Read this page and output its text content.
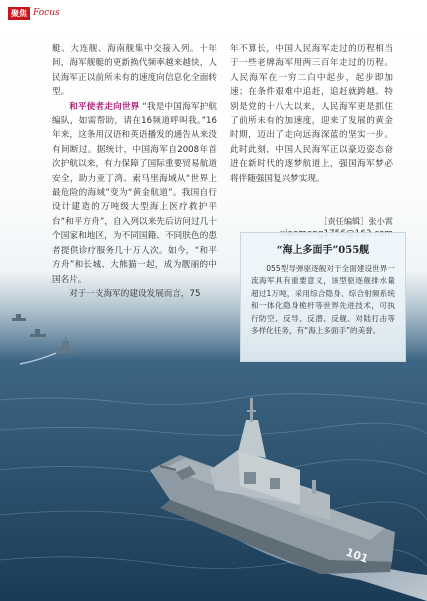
101
聚焦 Focus

艇、大连舰、海南舰集中交接入列。十年间，海军舰艇的更新换代频率越来越快，人民海军正以前所未有的速度向信息化全面转型。

和平使者走向世界 “我是中国海军护航编队，如需帮助，请在16频道呼叫我。”16年来，这条用汉语和英语播发的通告从来没有间断过。据统计，中国海军自2008年首次护航以来，有力保障了国际重要贸易航道安全，助力亚丁湾、索马里海域从“世界上最危险的海域”变为“黄金航道”。我国自行设计建造的万吨级大型海上医疗救护平台“和平方舟”，自入列以来先后访问过几十个国家和地区，为不同国籍、不同肤色的患者提供诊疗服务几十万人次。如今，“和平方舟”和长城、大熊猫一起，成为靓丽的中国名片。

对于一支海军的建设发展而言，75

年不算长，中国人民海军走过的历程相当于一些老牌海军用两三百年走过的历程。人民海军在一穷二白中起步，起步即加速；在条件艰难中追赶，追赶就跨越。特别是党的十八大以来，人民海军更是抓住了前所未有的加速度，迎来了发展的黄金时期，迈出了走向远海深蓝的坚实一步。此时此刻，中国人民海军正以豪迈姿态奋进在新时代的逐梦航道上，强国海军梦必将伴随强国复兴梦实现。

［责任编辑］张小霄
“海上多面手”055舰
055型导弹驱逐舰对于全面建设世界一流海军具有重要意义，该型驱逐舰排水量超过1万吨，采用综合隐身、综合射频系统和一体化隐身桅杆等世界先进技术，可执行防空、反导、反潜、反舰、对陆打击等多样化任务，有“海上多面手”的美誉。
